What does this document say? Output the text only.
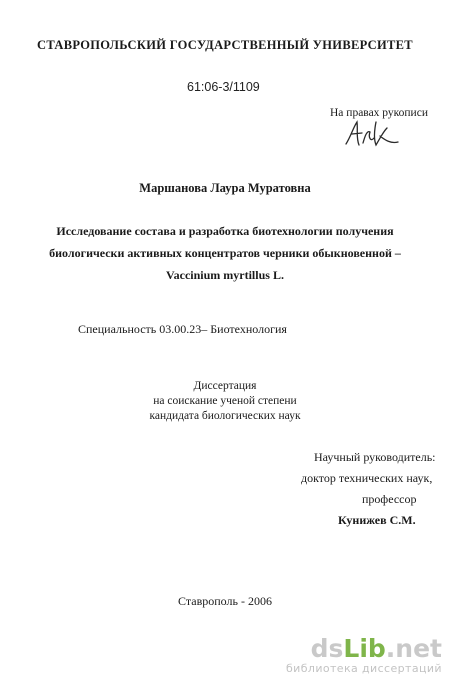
СТАВРОПОЛЬСКИЙ ГОСУДАРСТВЕННЫЙ УНИВЕРСИТЕТ
61:06-3/1109
На правах рукописи
Маршанова Лаура Муратовна
Исследование состава и разработка биотехнологии получения
биологически активных концентратов черники обыкновенной –
Vaccinium myrtillus L.
Специальность 03.00.23– Биотехнология
Диссертация
на соискание ученой степени
кандидата биологических наук
Научный руководитель:
доктор технических наук,
профессор
Кунижев С.М.
Ставрополь - 2006
dsLib.net
библиотека диссертаций
